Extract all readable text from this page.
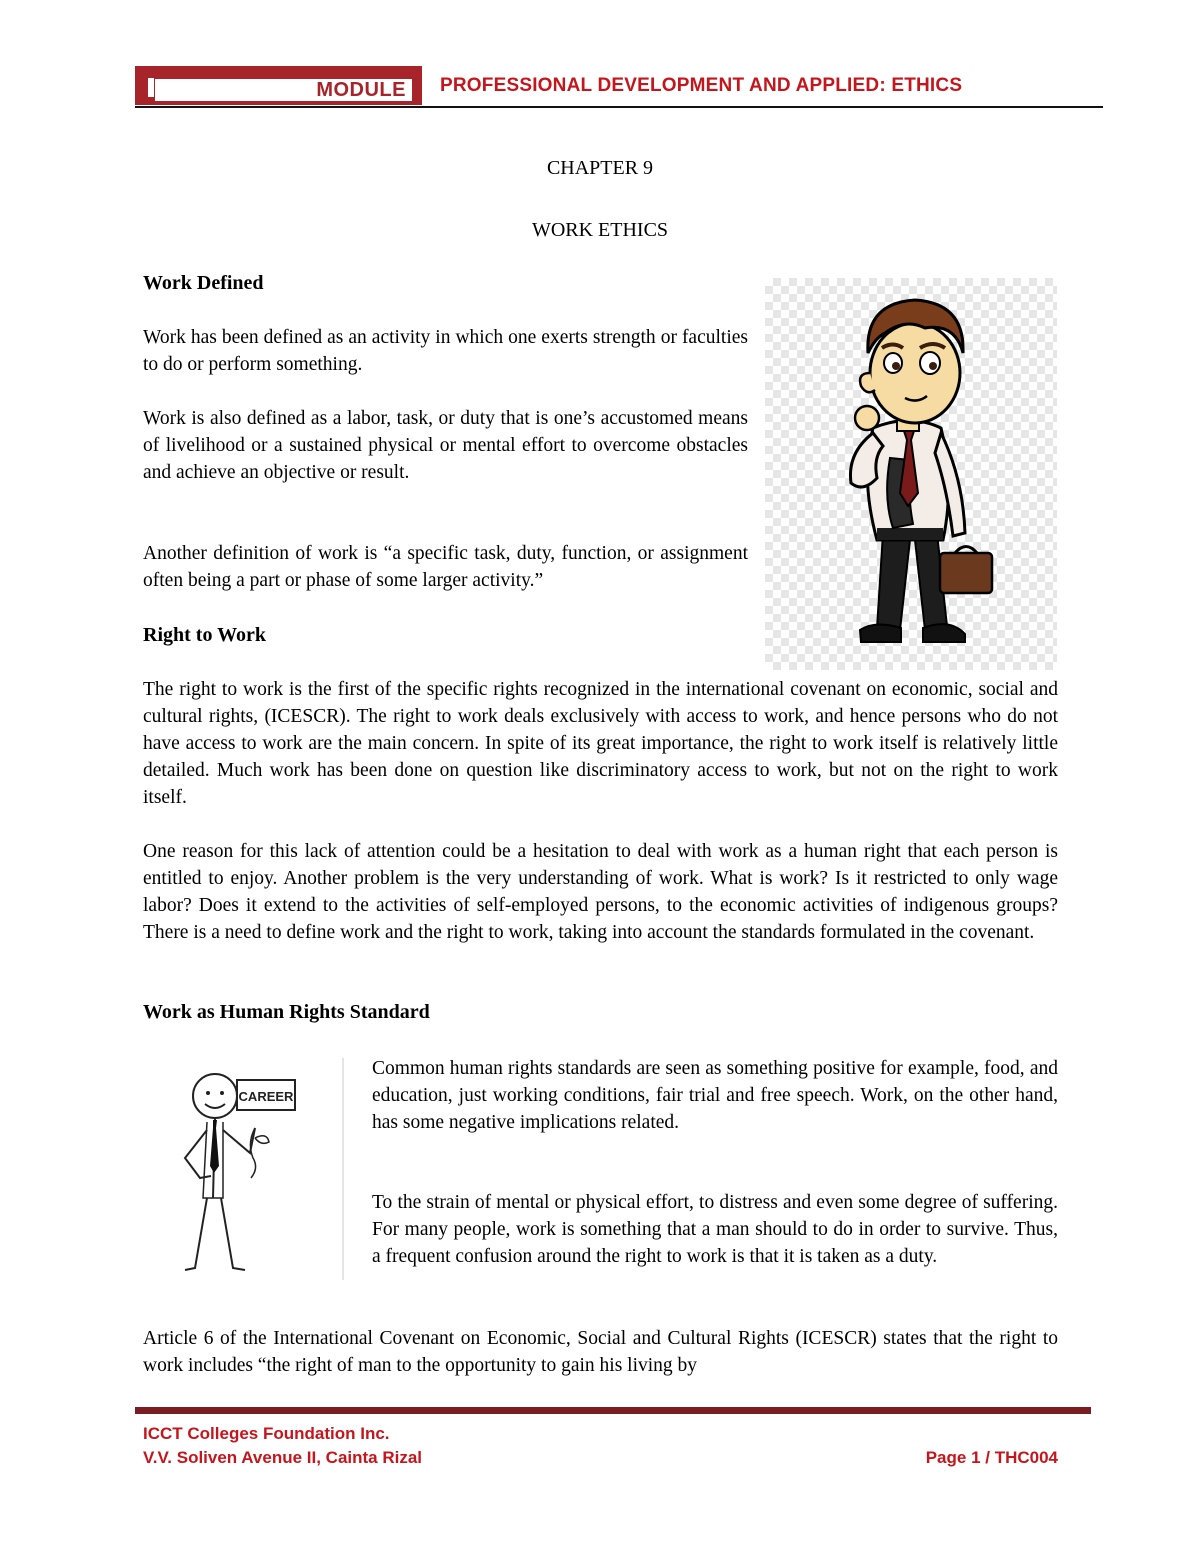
MODULE PROFESSIONAL DEVELOPMENT AND APPLIED: ETHICS
CHAPTER 9
WORK ETHICS

Work Defined

Work has been defined as an activity in which one exerts strength or faculties to do or perform something.

Work is also defined as a labor, task, or duty that is one’s accustomed means of livelihood or a sustained physical or mental effort to overcome obstacles and achieve an objective or result.

Another definition of work is “a specific task, duty, function, or assignment often being a part or phase of some larger activity.”

Right to Work

The right to work is the first of the specific rights recognized in the international covenant on economic, social and cultural rights, (ICESCR). The right to work deals exclusively with access to work, and hence persons who do not have access to work are the main concern. In spite of its great importance, the right to work itself is relatively little detailed. Much work has been done on question like discriminatory access to work, but not on the right to work itself.

One reason for this lack of attention could be a hesitation to deal with work as a human right that each person is entitled to enjoy. Another problem is the very understanding of work. What is work? Is it restricted to only wage labor? Does it extend to the activities of self-employed persons, to the economic activities of indigenous groups? There is a need to define work and the right to work, taking into account the standards formulated in the covenant.

Work as Human Rights Standard

CAREER

Common human rights standards are seen as something positive for example, food, and education, just working conditions, fair trial and free speech. Work, on the other hand, has some negative implications related.

To the strain of mental or physical effort, to distress and even some degree of suffering. For many people, work is something that a man should to do in order to survive. Thus, a frequent confusion around the right to work is that it is taken as a duty.

Article 6 of the International Covenant on Economic, Social and Cultural Rights (ICESCR) states that the right to work includes “the right of man to the opportunity to gain his living by

ICCT Colleges Foundation Inc.
V.V. Soliven Avenue II, Cainta Rizal	Page 1 / THC004
